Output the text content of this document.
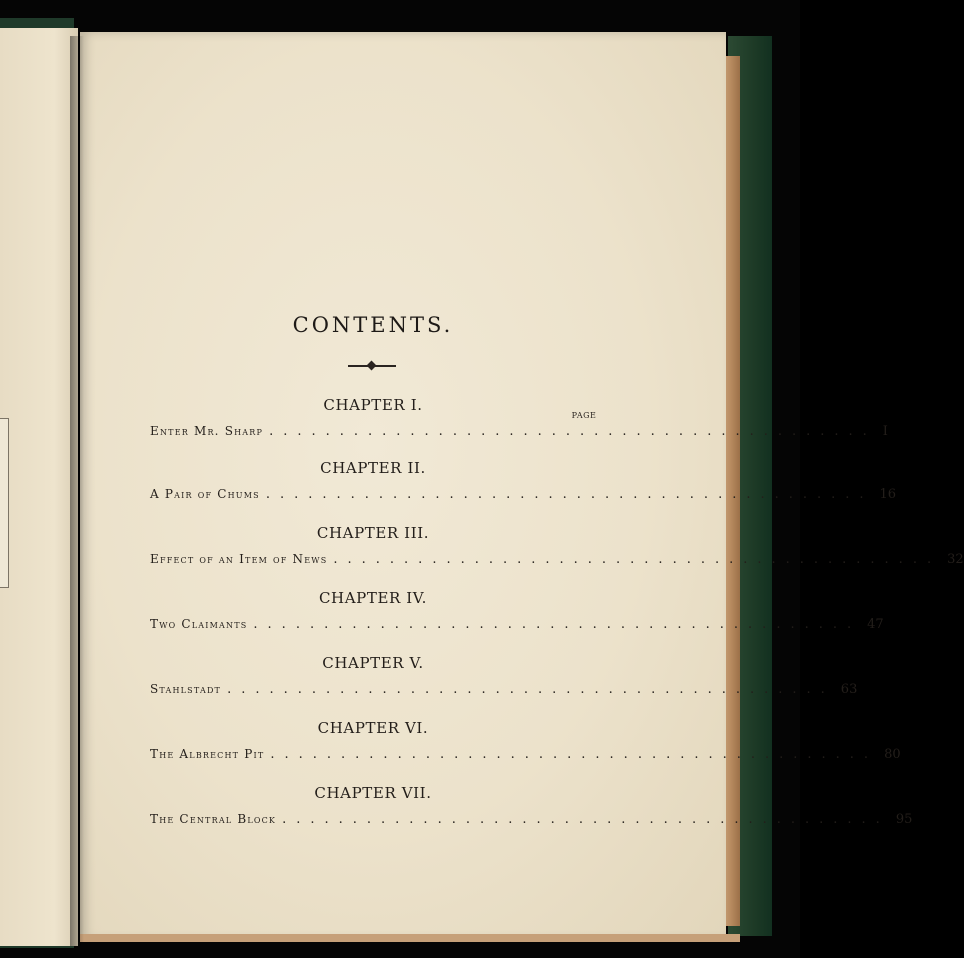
CONTENTS.
PAGE
CHAPTER I.
Enter Mr. Sharp ........................................... I
CHAPTER II.
A Pair of Chums ........................................... 16
CHAPTER III.
Effect of an Item of News ........................................... 32
CHAPTER IV.
Two Claimants ........................................... 47
CHAPTER V.
Stahlstadt ........................................... 63
CHAPTER VI.
The Albrecht Pit ........................................... 80
CHAPTER VII.
The Central Block ........................................... 95
